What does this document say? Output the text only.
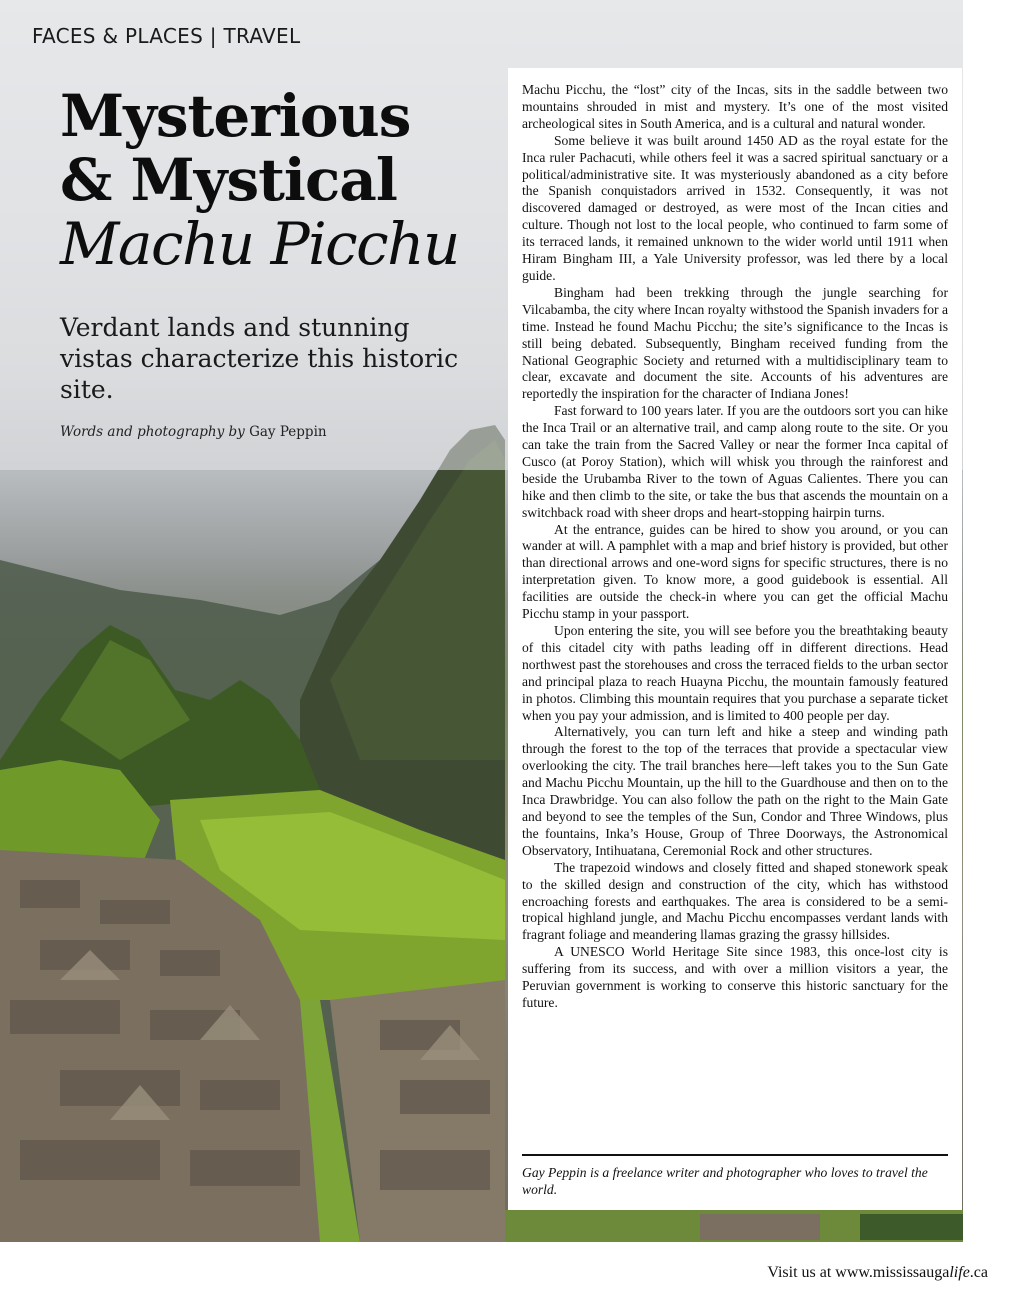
FACES & PLACES | TRAVEL
Mysterious
& Mystical
Machu Picchu
Verdant lands and stunning vistas characterize this historic site.
Words and photography by Gay Peppin

Machu Picchu, the “lost” city of the Incas, sits in the saddle between two mountains shrouded in mist and mystery. It’s one of the most visited archeological sites in South America, and is a cultural and natural wonder.

Some believe it was built around 1450 AD as the royal estate for the Inca ruler Pachacuti, while others feel it was a sacred spiritual sanctuary or a political/administrative site. It was mysteriously abandoned as a city before the Spanish conquistadors arrived in 1532. Consequently, it was not discovered damaged or destroyed, as were most of the Incan cities and culture. Though not lost to the local people, who continued to farm some of its terraced lands, it remained unknown to the wider world until 1911 when Hiram Bingham III, a Yale University professor, was led there by a local guide.

Bingham had been trekking through the jungle searching for Vilcabamba, the city where Incan royalty withstood the Spanish invaders for a time. Instead he found Machu Picchu; the site’s significance to the Incas is still being debated. Subsequently, Bingham received funding from the National Geographic Society and returned with a multidisciplinary team to clear, excavate and document the site. Accounts of his adventures are reportedly the inspiration for the character of Indiana Jones!

Fast forward to 100 years later. If you are the outdoors sort you can hike the Inca Trail or an alternative trail, and camp along route to the site. Or you can take the train from the Sacred Valley or near the former Inca capital of Cusco (at Poroy Station), which will whisk you through the rainforest and beside the Urubamba River to the town of Aguas Calientes. There you can hike and then climb to the site, or take the bus that ascends the mountain on a switchback road with sheer drops and heart-stopping hairpin turns.

At the entrance, guides can be hired to show you around, or you can wander at will. A pamphlet with a map and brief history is provided, but other than directional arrows and one-word signs for specific structures, there is no interpretation given. To know more, a good guidebook is essential. All facilities are outside the check-in where you can get the official Machu Picchu stamp in your passport.

Upon entering the site, you will see before you the breathtaking beauty of this citadel city with paths leading off in different directions. Head northwest past the storehouses and cross the terraced fields to the urban sector and principal plaza to reach Huayna Picchu, the mountain famously featured in photos. Climbing this mountain requires that you purchase a separate ticket when you pay your admission, and is limited to 400 people per day.

Alternatively, you can turn left and hike a steep and winding path through the forest to the top of the terraces that provide a spectacular view overlooking the city. The trail branches here—left takes you to the Sun Gate and Machu Picchu Mountain, up the hill to the Guardhouse and then on to the Inca Drawbridge. You can also follow the path on the right to the Main Gate and beyond to see the temples of the Sun, Condor and Three Windows, plus the fountains, Inka’s House, Group of Three Doorways, the Astronomical Observatory, Intihuatana, Ceremonial Rock and other structures.

The trapezoid windows and closely fitted and shaped stonework speak to the skilled design and construction of the city, which has withstood encroaching forests and earthquakes. The area is considered to be a semi-tropical highland jungle, and Machu Picchu encompasses verdant lands with fragrant foliage and meandering llamas grazing the grassy hillsides.

A UNESCO World Heritage Site since 1983, this once-lost city is suffering from its success, and with over a million visitors a year, the Peruvian government is working to conserve this historic sanctuary for the future.

Gay Peppin is a freelance writer and photographer who loves to travel the world.
Visit us at www.mississaugalife.ca
